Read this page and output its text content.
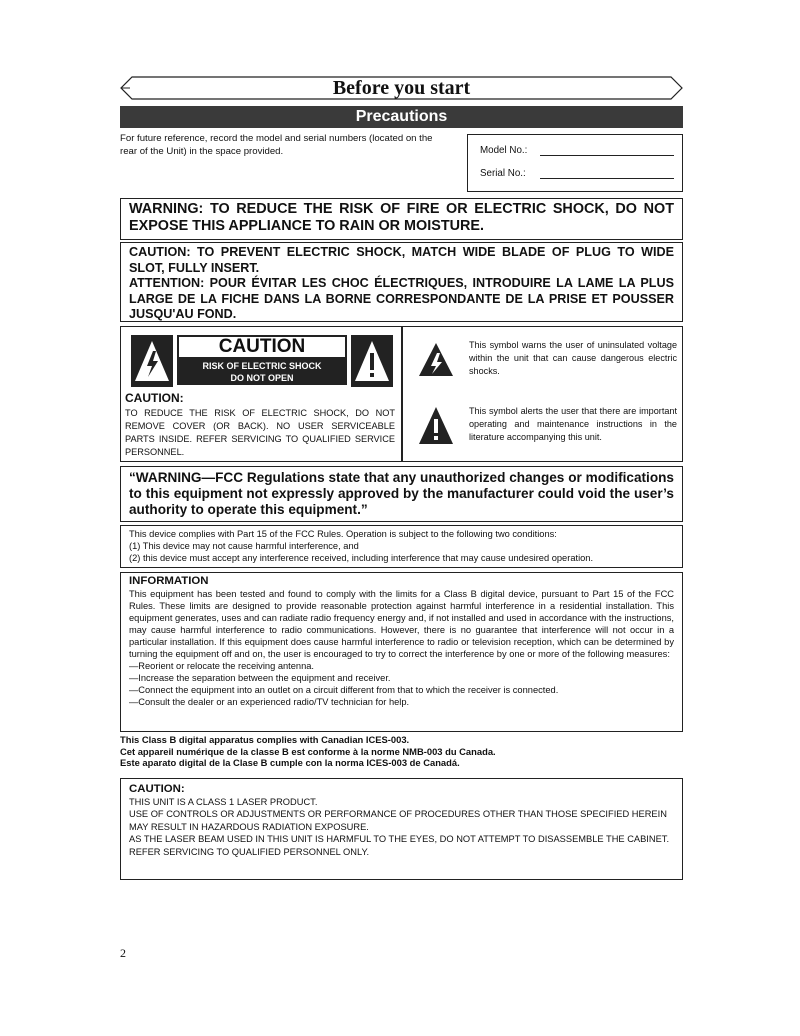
Before you start
Precautions
For future reference, record the model and serial numbers (located on the rear of the Unit) in the space provided.	Model No.:
Serial No.:
WARNING: TO REDUCE THE RISK OF FIRE OR ELECTRIC SHOCK, DO NOT EXPOSE THIS APPLIANCE TO RAIN OR MOISTURE.
CAUTION: TO PREVENT ELECTRIC SHOCK, MATCH WIDE BLADE OF PLUG TO WIDE SLOT, FULLY INSERT.
ATTENTION: POUR ÉVITAR LES CHOC ÉLECTRIQUES, INTRODUIRE LA LAME LA PLUS LARGE DE LA FICHE DANS LA BORNE CORRESPONDANTE DE LA PRISE ET POUSSER JUSQU'AU FOND.
CAUTION
RISK OF ELECTRIC SHOCK
DO NOT OPEN
CAUTION:
TO REDUCE THE RISK OF ELECTRIC SHOCK, DO NOT REMOVE COVER (OR BACK). NO USER SERVICEABLE PARTS INSIDE. REFER SERVICING TO QUALIFIED SERVICE PERSONNEL.
This symbol warns the user of uninsulated voltage within the unit that can cause dangerous electric shocks.
This symbol alerts the user that there are important operating and maintenance instructions in the literature accompanying this unit.
“WARNING—FCC Regulations state that any unauthorized changes or modifications to this equipment not expressly approved by the manufacturer could void the user’s authority to operate this equipment.”
This device complies with Part 15 of the FCC Rules. Operation is subject to the following two conditions:
(1) This device may not cause harmful interference, and
(2) this device must accept any interference received, including interference that may cause undesired operation.
INFORMATION
This equipment has been tested and found to comply with the limits for a Class B digital device, pursuant to Part 15 of the FCC Rules. These limits are designed to provide reasonable protection against harmful interference in a residential installation. This equipment generates, uses and can radiate radio frequency energy and, if not installed and used in accordance with the instructions, may cause harmful interference to radio communications. However, there is no guarantee that interference will not occur in a particular installation. If this equipment does cause harmful interference to radio or television reception, which can be determined by turning the equipment off and on, the user is encouraged to try to correct the interference by one or more of the following measures:
—Reorient or relocate the receiving antenna.
—Increase the separation between the equipment and receiver.
—Connect the equipment into an outlet on a circuit different from that to which the receiver is connected.
—Consult the dealer or an experienced radio/TV technician for help.
This Class B digital apparatus complies with Canadian ICES-003.
Cet appareil numérique de la classe B est conforme à la norme NMB-003 du Canada.
Este aparato digital de la Clase B cumple con la norma ICES-003 de Canadá.
CAUTION:
THIS UNIT IS A CLASS 1 LASER PRODUCT.
USE OF CONTROLS OR ADJUSTMENTS OR PERFORMANCE OF PROCEDURES OTHER THAN THOSE SPECIFIED HEREIN MAY RESULT IN HAZARDOUS RADIATION EXPOSURE.
AS THE LASER BEAM USED IN THIS UNIT IS HARMFUL TO THE EYES, DO NOT ATTEMPT TO DISASSEMBLE THE CABINET.
REFER SERVICING TO QUALIFIED PERSONNEL ONLY.
2
